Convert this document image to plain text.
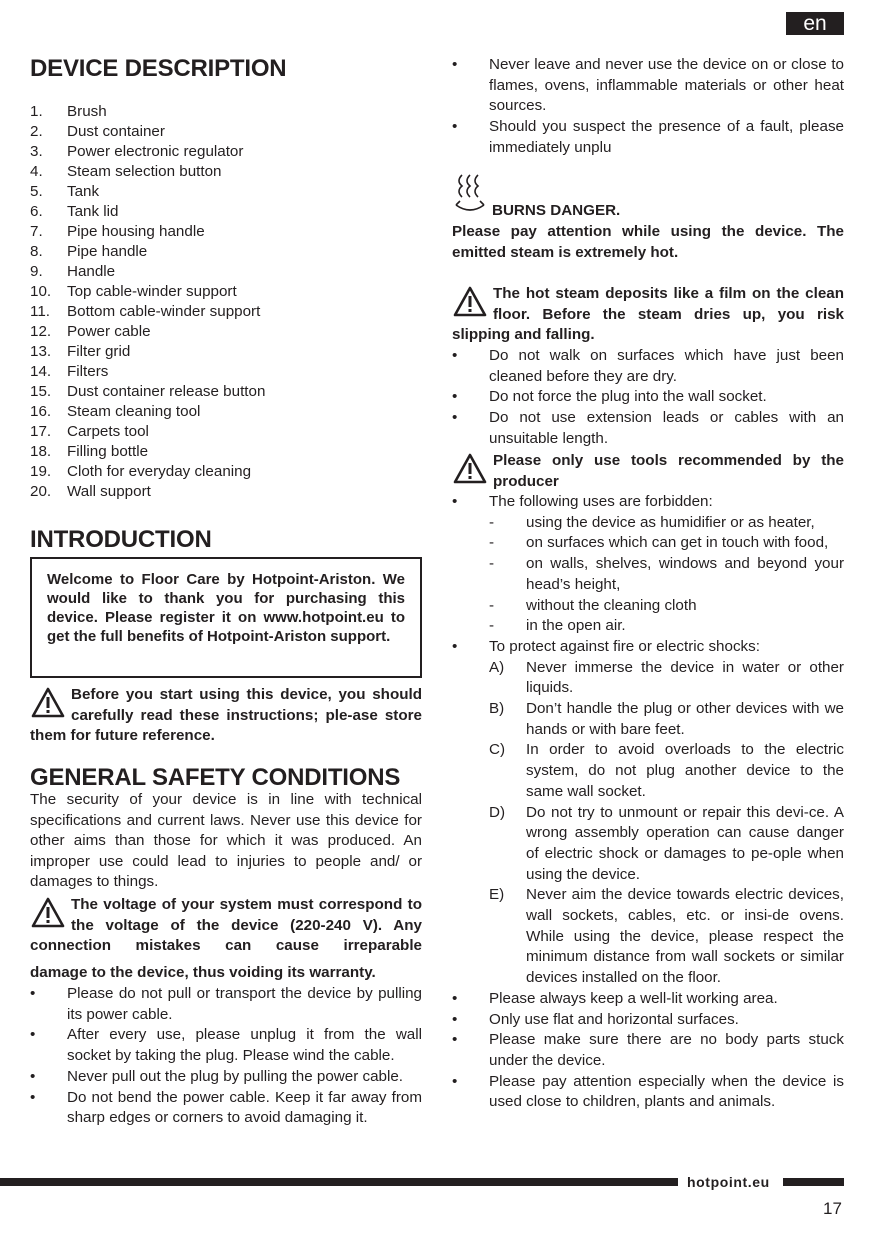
en
DEVICE DESCRIPTION
1.	Brush
2.	Dust container
3.	Power electronic regulator
4.	Steam selection button
5.	Tank
6.	Tank lid
7.	Pipe housing handle
8.	Pipe handle
9.	Handle
10.	Top cable-winder support
11.	Bottom cable-winder support
12.	Power cable
13.	Filter grid
14.	Filters
15.	Dust container release button
16.	Steam cleaning tool
17.	Carpets tool
18.	Filling bottle
19.	Cloth for everyday cleaning
20.	Wall support
INTRODUCTION
Welcome to Floor Care by Hotpoint-Ariston. We would like to thank you for purchasing this device. Please register it on www.hotpoint.eu to get the full benefits of Hotpoint-Ariston support.
Before you start using this device, you should carefully read these instructions; ple-ase store them for future reference.
GENERAL SAFETY CONDITIONS

The security of your device is in line with technical specifications and current laws. Never use this device for other aims than those for which it was produced. An improper use could lead to injuries to people and/ or damages to things.

The voltage of your system must correspond to the voltage of the device (220-240 V). Any connection mistakes can cause irreparable

damage to the device, thus voiding its warranty.

•	Please do not pull or transport the device by pulling its power cable.
•	After every use, please unplug it from the wall socket by taking the plug. Please wind the cable.
•	Never pull out the plug by pulling the power cable.
•	Do not bend the power cable. Keep it far away from sharp edges or corners to avoid damaging it.
•	Never leave and never use the device on or close to flames, ovens, inflammable materials or other heat sources.
•	Should you suspect the presence of a fault, please immediately unplu
BURNS DANGER.

Please pay attention while using the device. The emitted steam is extremely hot.

The hot steam deposits like a film on the clean floor. Before the steam dries up, you risk slipping and falling.
•	Do not walk on surfaces which have just been cleaned before they are dry.
•	Do not force the plug into the wall socket.
•	Do not use extension leads or cables with an unsuitable length.
Please only use tools recommended by the producer
•	The following uses are forbidden:
-	using the device as humidifier or as heater,
-	on surfaces which can get in touch with food,
-	on walls, shelves, windows and beyond your head’s height,
-	without the cleaning cloth
-	in the open air.
•	To protect against fire or electric shocks:
A)	Never immerse the device in water or other liquids.
B)	Don’t handle the plug or other devices with we hands or with bare feet.
C)	In order to avoid overloads to the electric system, do not plug another device to the same wall socket.
D)	Do not try to unmount or repair this devi-ce. A wrong assembly operation can cause danger of electric shock or damages to pe-ople when using the device.
E)	Never aim the device towards electric devices, wall sockets, cables, etc. or insi-de ovens. While using the device, please respect the minimum distance from wall sockets or similar devices installed on the floor.
•	Please always keep a well-lit working area.
•	Only use flat and horizontal surfaces.
•	Please make sure there are no body parts stuck under the device.
•	Please pay attention especially when the device is used close to children, plants and animals.
hotpoint.eu
17
